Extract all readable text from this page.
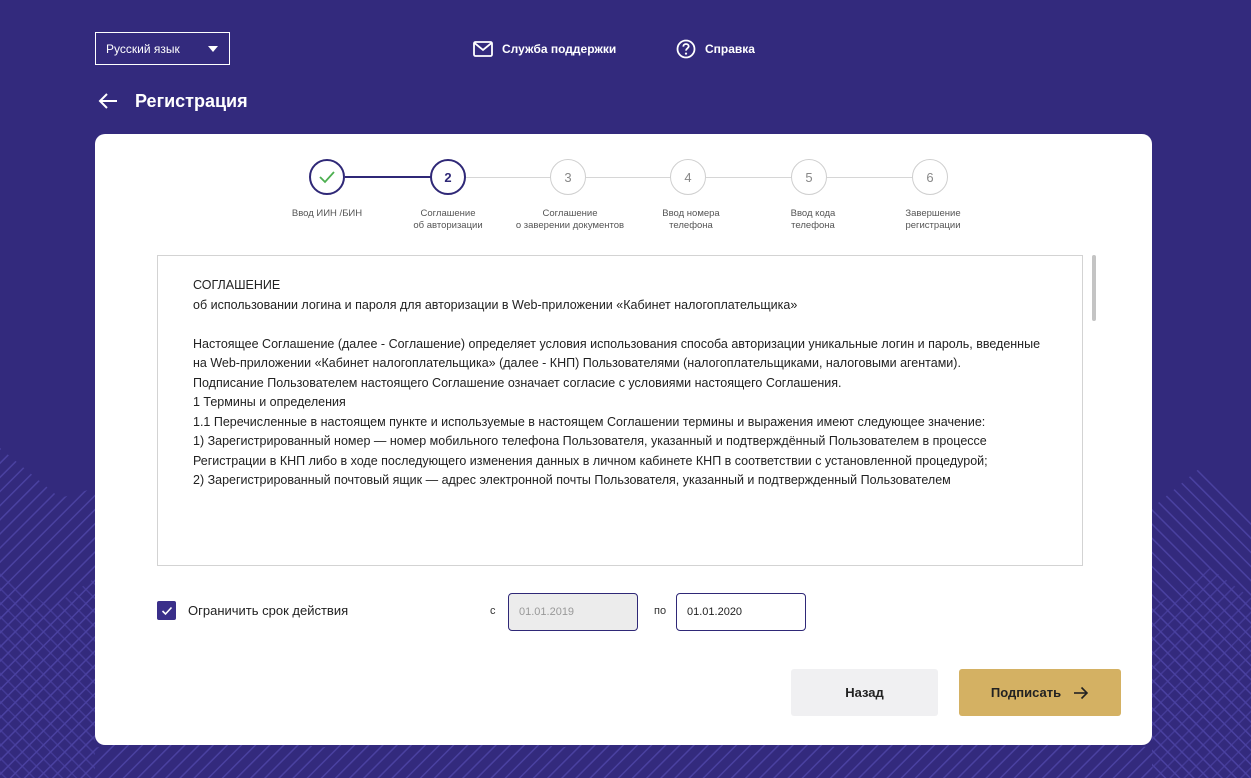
Русский язык	Служба поддержки	Справка
Регистрация
2	3	4	5	6
Ввод ИИН /БИН	Соглашение
об авторизации
Соглашение
о заверении документов
Ввод номера
телефона
Ввод кода
телефона
Завершение
регистрации

СОГЛАШЕНИЕ

об использовании логина и пароля для авторизации в Web-приложении «Кабинет налогоплательщика»

Настоящее Соглашение (далее - Соглашение) определяет условия использования способа авторизации уникальные логин и пароль, введенные на Web-приложении «Кабинет налогоплательщика» (далее - КНП) Пользователями (налогоплательщиками, налоговыми агентами).

Подписание Пользователем настоящего Соглашение означает согласие с условиями настоящего Соглашения.

1 Термины и определения

1.1 Перечисленные в настоящем пункте и используемые в настоящем Соглашении термины и выражения имеют следующее значение:

1) Зарегистрированный номер — номер мобильного телефона Пользователя, указанный и подтверждённый Пользователем в процессе Регистрации в КНП либо в ходе последующего изменения данных в личном кабинете КНП в соответствии с установленной процедурой;

2) Зарегистрированный почтовый ящик — адрес электронной почты Пользователя, указанный и подтвержденный Пользователем

Ограничить срок действия	с	01.01.2019	по	01.01.2020
Назад	Подписать
